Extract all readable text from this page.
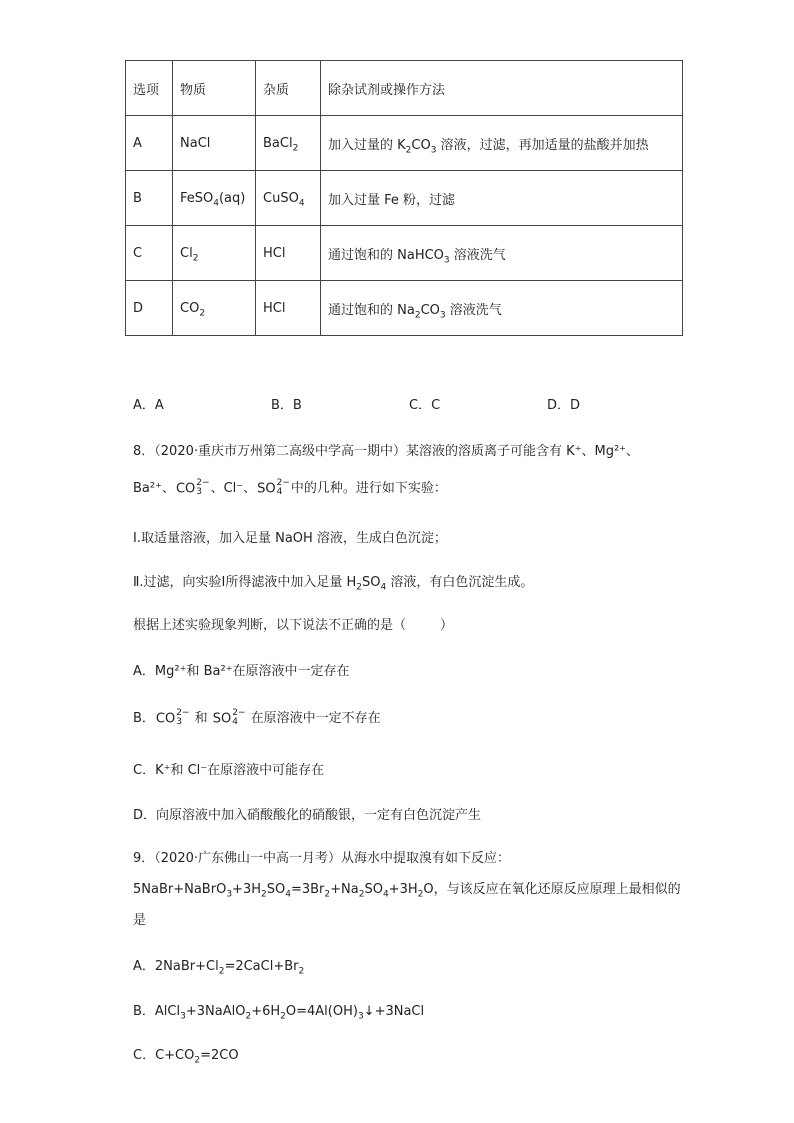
选项	物质	杂质	除杂试剂或操作方法
A	NaCl	BaCl$_2$	加入过量的 $K_2CO_3$ 溶液，过滤，再加适量的盐酸并加热
B	FeSO$_4$(aq)	CuSO$_4$	加入过量 Fe 粉，过滤
C	$Cl_2$	HCl	通过饱和的 NaHCO$_3$ 溶液洗气
D	$CO_2$	HCl	通过饱和的 $Na_2CO_3$ 溶液洗气
A．A	B．B	C．C	D．D
8．（2020·重庆市万州第二高级中学高一期中）某溶液的溶质离子可能含有 K⁺、Mg²⁺、
Ba²⁺、CO 2−
3 、Cl⁻、SO 2−
4 中的几种。进行如下实验：
Ⅰ.取适量溶液，加入足量 NaOH 溶液，生成白色沉淀；
Ⅱ.过滤，向实验Ⅰ所得滤液中加入足量 $H_2SO_4$ 溶液，有白色沉淀生成。
根据上述实验现象判断，以下说法不正确的是（	）
A．Mg²⁺和 Ba²⁺在原溶液中一定存在
B．CO 2−
3 和 SO 2−
4 在原溶液中一定不存在
C．K⁺和 Cl⁻在原溶液中可能存在
D．向原溶液中加入硝酸酸化的硝酸银，一定有白色沉淀产生
9．（2020·广东佛山一中高一月考）从海水中提取溴有如下反应：
$5NaBr+NaBrO_3+3H_2SO_4=3Br_2+Na_2SO_4+3H_2O$，与该反应在氧化还原反应原理上最相似的
是
A．$2NaBr+Cl_2=2CaCl+Br_2$
B．$AlCl_3+3NaAlO_2+6H_2O=4Al(OH)_3↓+3NaCl$
C．$C+CO_2=2CO$
